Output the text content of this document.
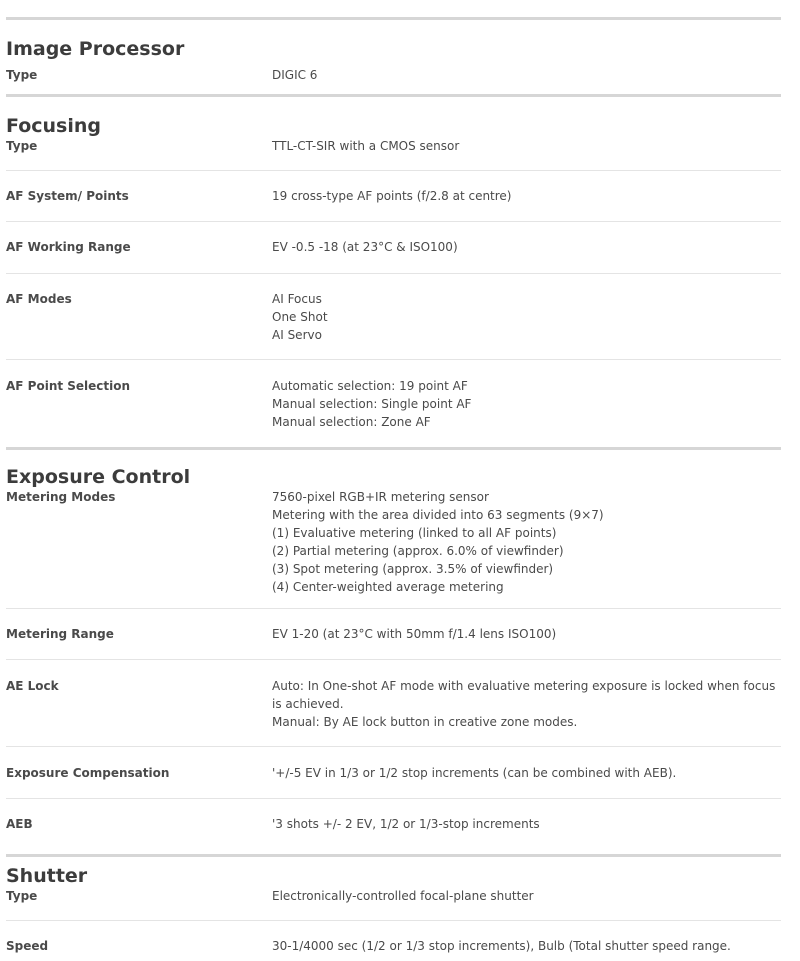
Image Processor
Type	DIGIC 6
Focusing
Type	TTL-CT-SIR with a CMOS sensor
AF System/ Points	19 cross-type AF points (f/2.8 at centre)
AF Working Range	EV -0.5 -18 (at 23°C & ISO100)
AF Modes	AI Focus
One Shot
AI Servo
AF Point Selection	Automatic selection: 19 point AF
Manual selection: Single point AF
Manual selection: Zone AF
Exposure Control
Metering Modes	7560-pixel RGB+IR metering sensor
Metering with the area divided into 63 segments (9×7)
(1) Evaluative metering (linked to all AF points)
(2) Partial metering (approx. 6.0% of viewfinder)
(3) Spot metering (approx. 3.5% of viewfinder)
(4) Center-weighted average metering
Metering Range	EV 1-20 (at 23°C with 50mm f/1.4 lens ISO100)
AE Lock	Auto: In One-shot AF mode with evaluative metering exposure is locked when focus is achieved.
Manual: By AE lock button in creative zone modes.
Exposure Compensation	'+/-5 EV in 1/3 or 1/2 stop increments (can be combined with AEB).
AEB	'3 shots +/- 2 EV, 1/2 or 1/3-stop increments
Shutter
Type	Electronically-controlled focal-plane shutter
Speed	30-1/4000 sec (1/2 or 1/3 stop increments), Bulb (Total shutter speed range.
